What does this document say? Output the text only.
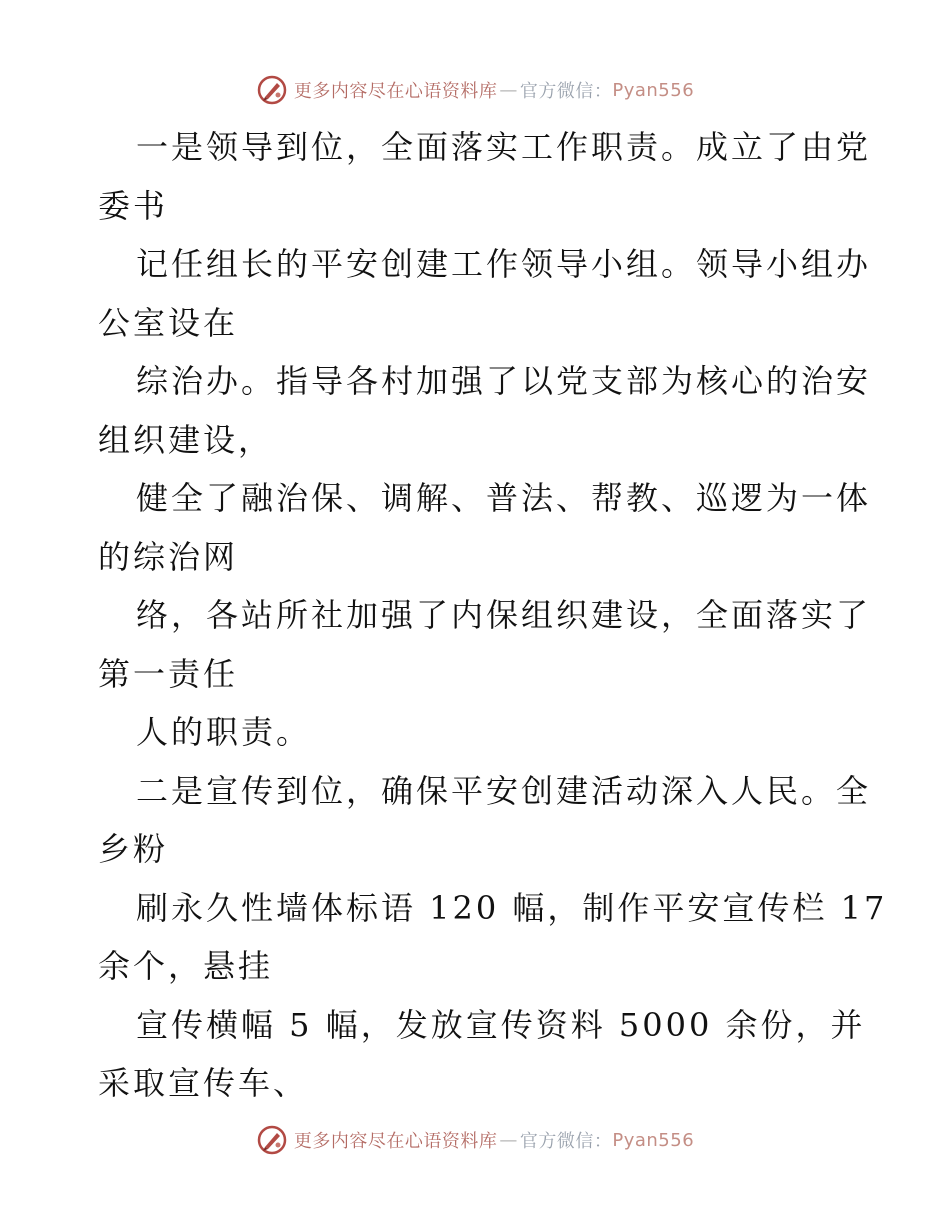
更多内容尽在心语资料库 — 官方微信： Pyan556
一是领导到位，全面落实工作职责。成立了由党
委书
记任组长的平安创建工作领导小组。领导小组办
公室设在
综治办。指导各村加强了以党支部为核心的治安
组织建设，
健全了融治保、调解、普法、帮教、巡逻为一体
的综治网
络，各站所社加强了内保组织建设，全面落实了
第一责任
人的职责。
二是宣传到位，确保平安创建活动深入人民。全
乡粉
刷永久性墙体标语 120 幅，制作平安宣传栏 17
余个，悬挂
宣传横幅 5 幅，发放宣传资料 5000 余份，并
采取宣传车、
更多内容尽在心语资料库 — 官方微信： Pyan556
